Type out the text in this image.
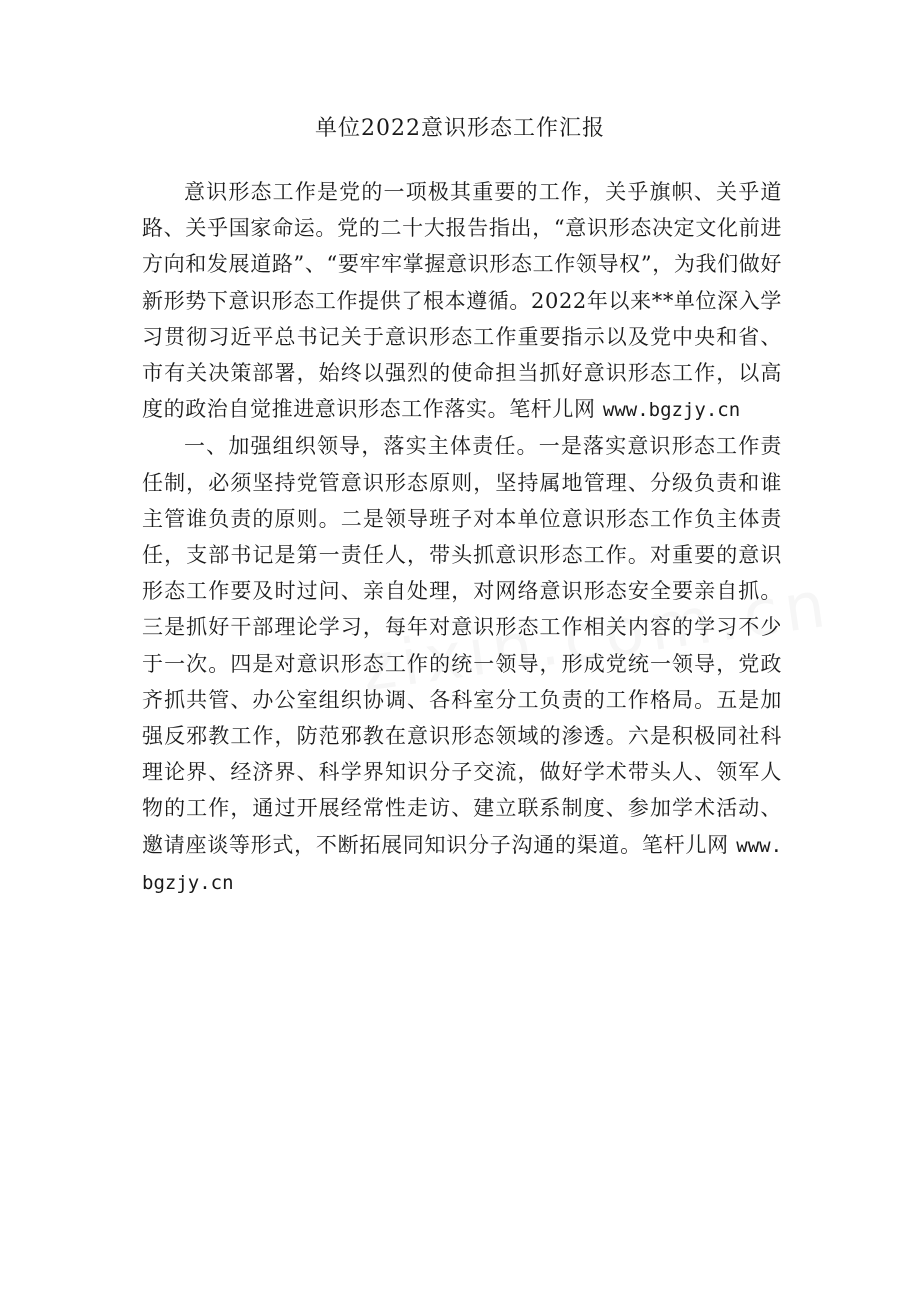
单位2022意识形态工作汇报

意识形态工作是党的一项极其重要的工作，关乎旗帜、关乎道路、关乎国家命运。党的二十大报告指出，“意识形态决定文化前进方向和发展道路”、“要牢牢掌握意识形态工作领导权”，为我们做好新形势下意识形态工作提供了根本遵循。2022年以来**单位深入学习贯彻习近平总书记关于意识形态工作重要指示以及党中央和省、市有关决策部署，始终以强烈的使命担当抓好意识形态工作，以高度的政治自觉推进意识形态工作落实。笔杆儿网 www.bgzjy.cn

一、加强组织领导，落实主体责任。一是落实意识形态工作责任制，必须坚持党管意识形态原则，坚持属地管理、分级负责和谁主管谁负责的原则。二是领导班子对本单位意识形态工作负主体责任，支部书记是第一责任人，带头抓意识形态工作。对重要的意识形态工作要及时过问、亲自处理，对网络意识形态安全要亲自抓。三是抓好干部理论学习，每年对意识形态工作相关内容的学习不少于一次。四是对意识形态工作的统一领导，形成党统一领导，党政齐抓共管、办公室组织协调、各科室分工负责的工作格局。五是加强反邪教工作，防范邪教在意识形态领域的渗透。六是积极同社科理论界、经济界、科学界知识分子交流，做好学术带头人、领军人物的工作，通过开展经常性走访、建立联系制度、参加学术活动、邀请座谈等形式，不断拓展同知识分子沟通的渠道。笔杆儿网 www.bgzjy.cn
